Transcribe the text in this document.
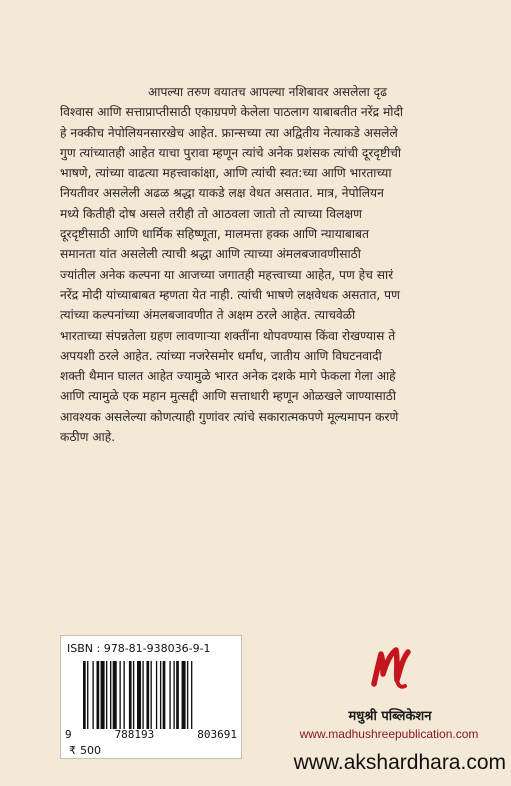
आपल्या तरुण वयातच आपल्या नशिबावर असलेला दृढ
विश्वास आणि सत्ताप्राप्तीसाठी एकाग्रपणे केलेला पाठलाग याबाबतीत नरेंद्र मोदी
हे नक्कीच नेपोलियनसारखेच आहेत. फ्रान्सच्या त्या अद्वितीय नेत्याकडे असलेले
गुण त्यांच्यातही आहेत याचा पुरावा म्हणून त्यांचे अनेक प्रशंसक त्यांची दूरदृष्टीची
भाषणे, त्यांच्या वाढत्या महत्त्वाकांक्षा, आणि त्यांची स्वत:च्या आणि भारताच्या
नियतीवर असलेली अढळ श्रद्धा याकडे लक्ष वेधत असतात. मात्र, नेपोलियन
मध्ये कितीही दोष असले तरीही तो आठवला जातो तो त्याच्या विलक्षण
दूरदृष्टीसाठी आणि धार्मिक सहिष्णूता, मालमत्ता हक्क आणि न्यायाबाबत
समानता यांत असलेली त्याची श्रद्धा आणि त्याच्या अंमलबजावणीसाठी
ज्यांतील अनेक कल्पना या आजच्या जगातही महत्त्वाच्या आहेत, पण हेच सारं
नरेंद्र मोदी यांच्याबाबत म्हणता येत नाही. त्यांची भाषणे लक्षवेधक असतात, पण
त्यांच्या कल्पनांच्या अंमलबजावणीत ते अक्षम ठरले आहेत. त्याचवेळी
भारताच्या संपन्नतेला ग्रहण लावणाऱ्या शक्तींना थोपवण्यास किंवा रोखण्यास ते
अपयशी ठरले आहेत. त्यांच्या नजरेसमोर धर्मांध, जातीय आणि विघटनवादी
शक्ती थैमान घालत आहेत ज्यामुळे भारत अनेक दशके मागे फेकला गेला आहे
आणि त्यामुळे एक महान मुत्सद्दी आणि सत्ताधारी म्हणून ओळखले जाण्यासाठी
आवश्यक असलेल्या कोणत्याही गुणांवर त्यांचे सकारात्मकपणे मूल्यमापन करणे
कठीण आहे.
ISBN : 978-81-938036-9-1
9	788193	803691
₹ 500
मधुश्री पब्लिकेशन
www.madhushreepublication.com
www.akshardhara.com
